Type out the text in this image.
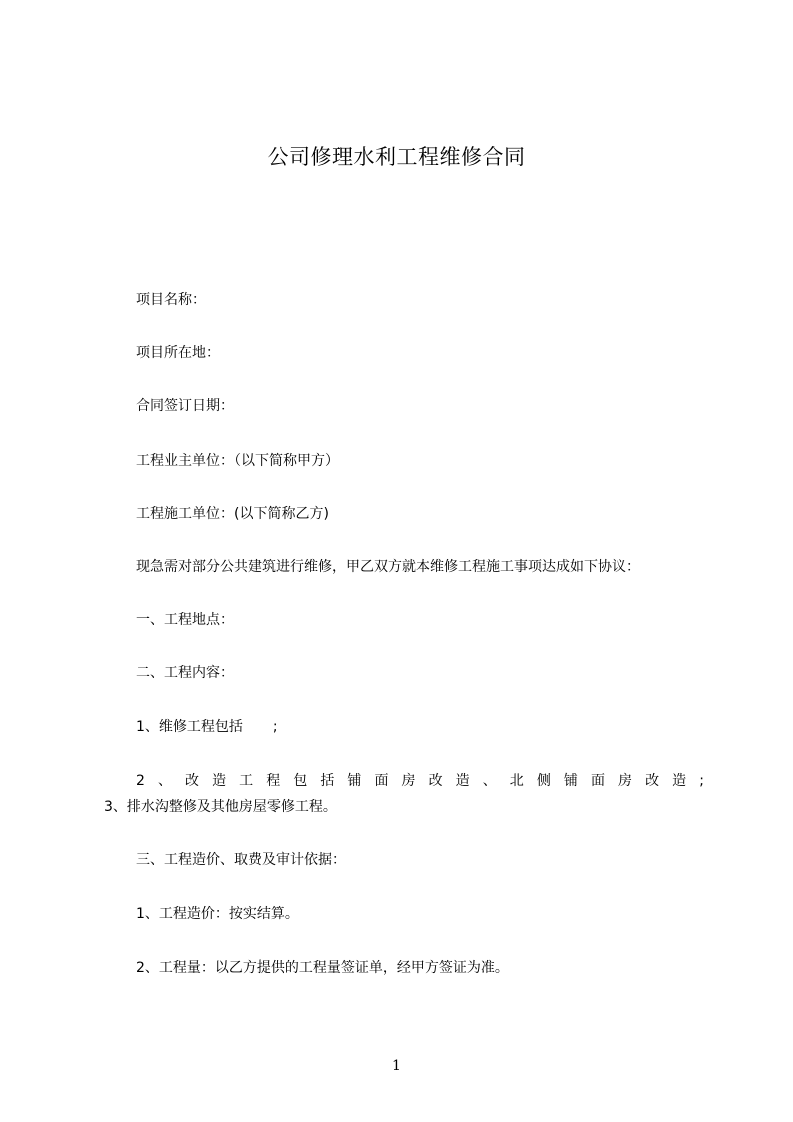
公司修理水利工程维修合同
项目名称：
项目所在地：
合同签订日期：
工程业主单位：（以下简称甲方）
工程施工单位：(以下简称乙方)
现急需对部分公共建筑进行维修，甲乙双方就本维修工程施工事项达成如下协议：
一、工程地点：
二、工程内容：
1、维修工程包括 ;
2 、 改 造 工 程 包 括 铺 面 房 改 造 、 北 侧 铺 面 房 改 造 ;
3、排水沟整修及其他房屋零修工程。
三、工程造价、取费及审计依据：
1、工程造价：按实结算。
2、工程量：以乙方提供的工程量签证单，经甲方签证为准。
1
